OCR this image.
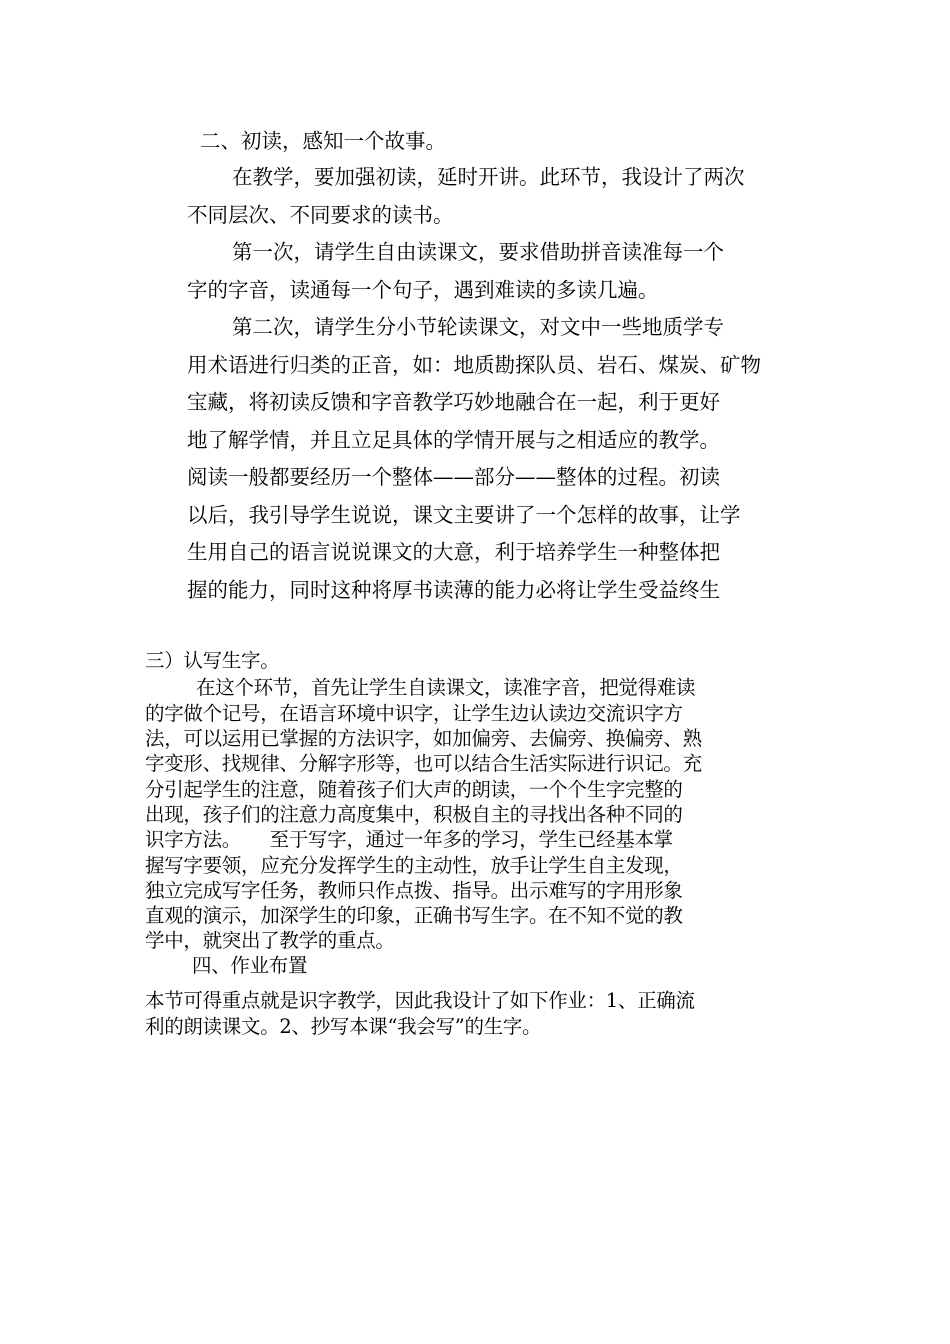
二、初读，感知一个故事。

在教学，要加强初读，延时开讲。此环节，我设计了两次

不同层次、不同要求的读书。

第一次，请学生自由读课文，要求借助拼音读准每一个

字的字音，读通每一个句子，遇到难读的多读几遍。

第二次，请学生分小节轮读课文，对文中一些地质学专

用术语进行归类的正音，如：地质勘探队员、岩石、煤炭、矿物

宝藏，将初读反馈和字音教学巧妙地融合在一起，利于更好

地了解学情，并且立足具体的学情开展与之相适应的教学。

阅读一般都要经历一个整体——部分——整体的过程。初读

以后，我引导学生说说，课文主要讲了一个怎样的故事，让学

生用自己的语言说说课文的大意，利于培养学生一种整体把

握的能力，同时这种将厚书读薄的能力必将让学生受益终生

三）认写生字。

在这个环节，首先让学生自读课文，读准字音，把觉得难读

的字做个记号，在语言环境中识字，让学生边认读边交流识字方

法，可以运用已掌握的方法识字，如加偏旁、去偏旁、换偏旁、熟

字变形、找规律、分解字形等，也可以结合生活实际进行识记。充

分引起学生的注意，随着孩子们大声的朗读，一个个生字完整的

出现，孩子们的注意力高度集中，积极自主的寻找出各种不同的

识字方法。　　至于写字，通过一年多的学习，学生已经基本掌

握写字要领，应充分发挥学生的主动性，放手让学生自主发现，

独立完成写字任务，教师只作点拨、指导。出示难写的字用形象

直观的演示，加深学生的印象，正确书写生字。在不知不觉的教

学中，就突出了教学的重点。

四、作业布置

本节可得重点就是识字教学，因此我设计了如下作业：1、正确流

利的朗读课文。2、抄写本课“我会写”的生字。
